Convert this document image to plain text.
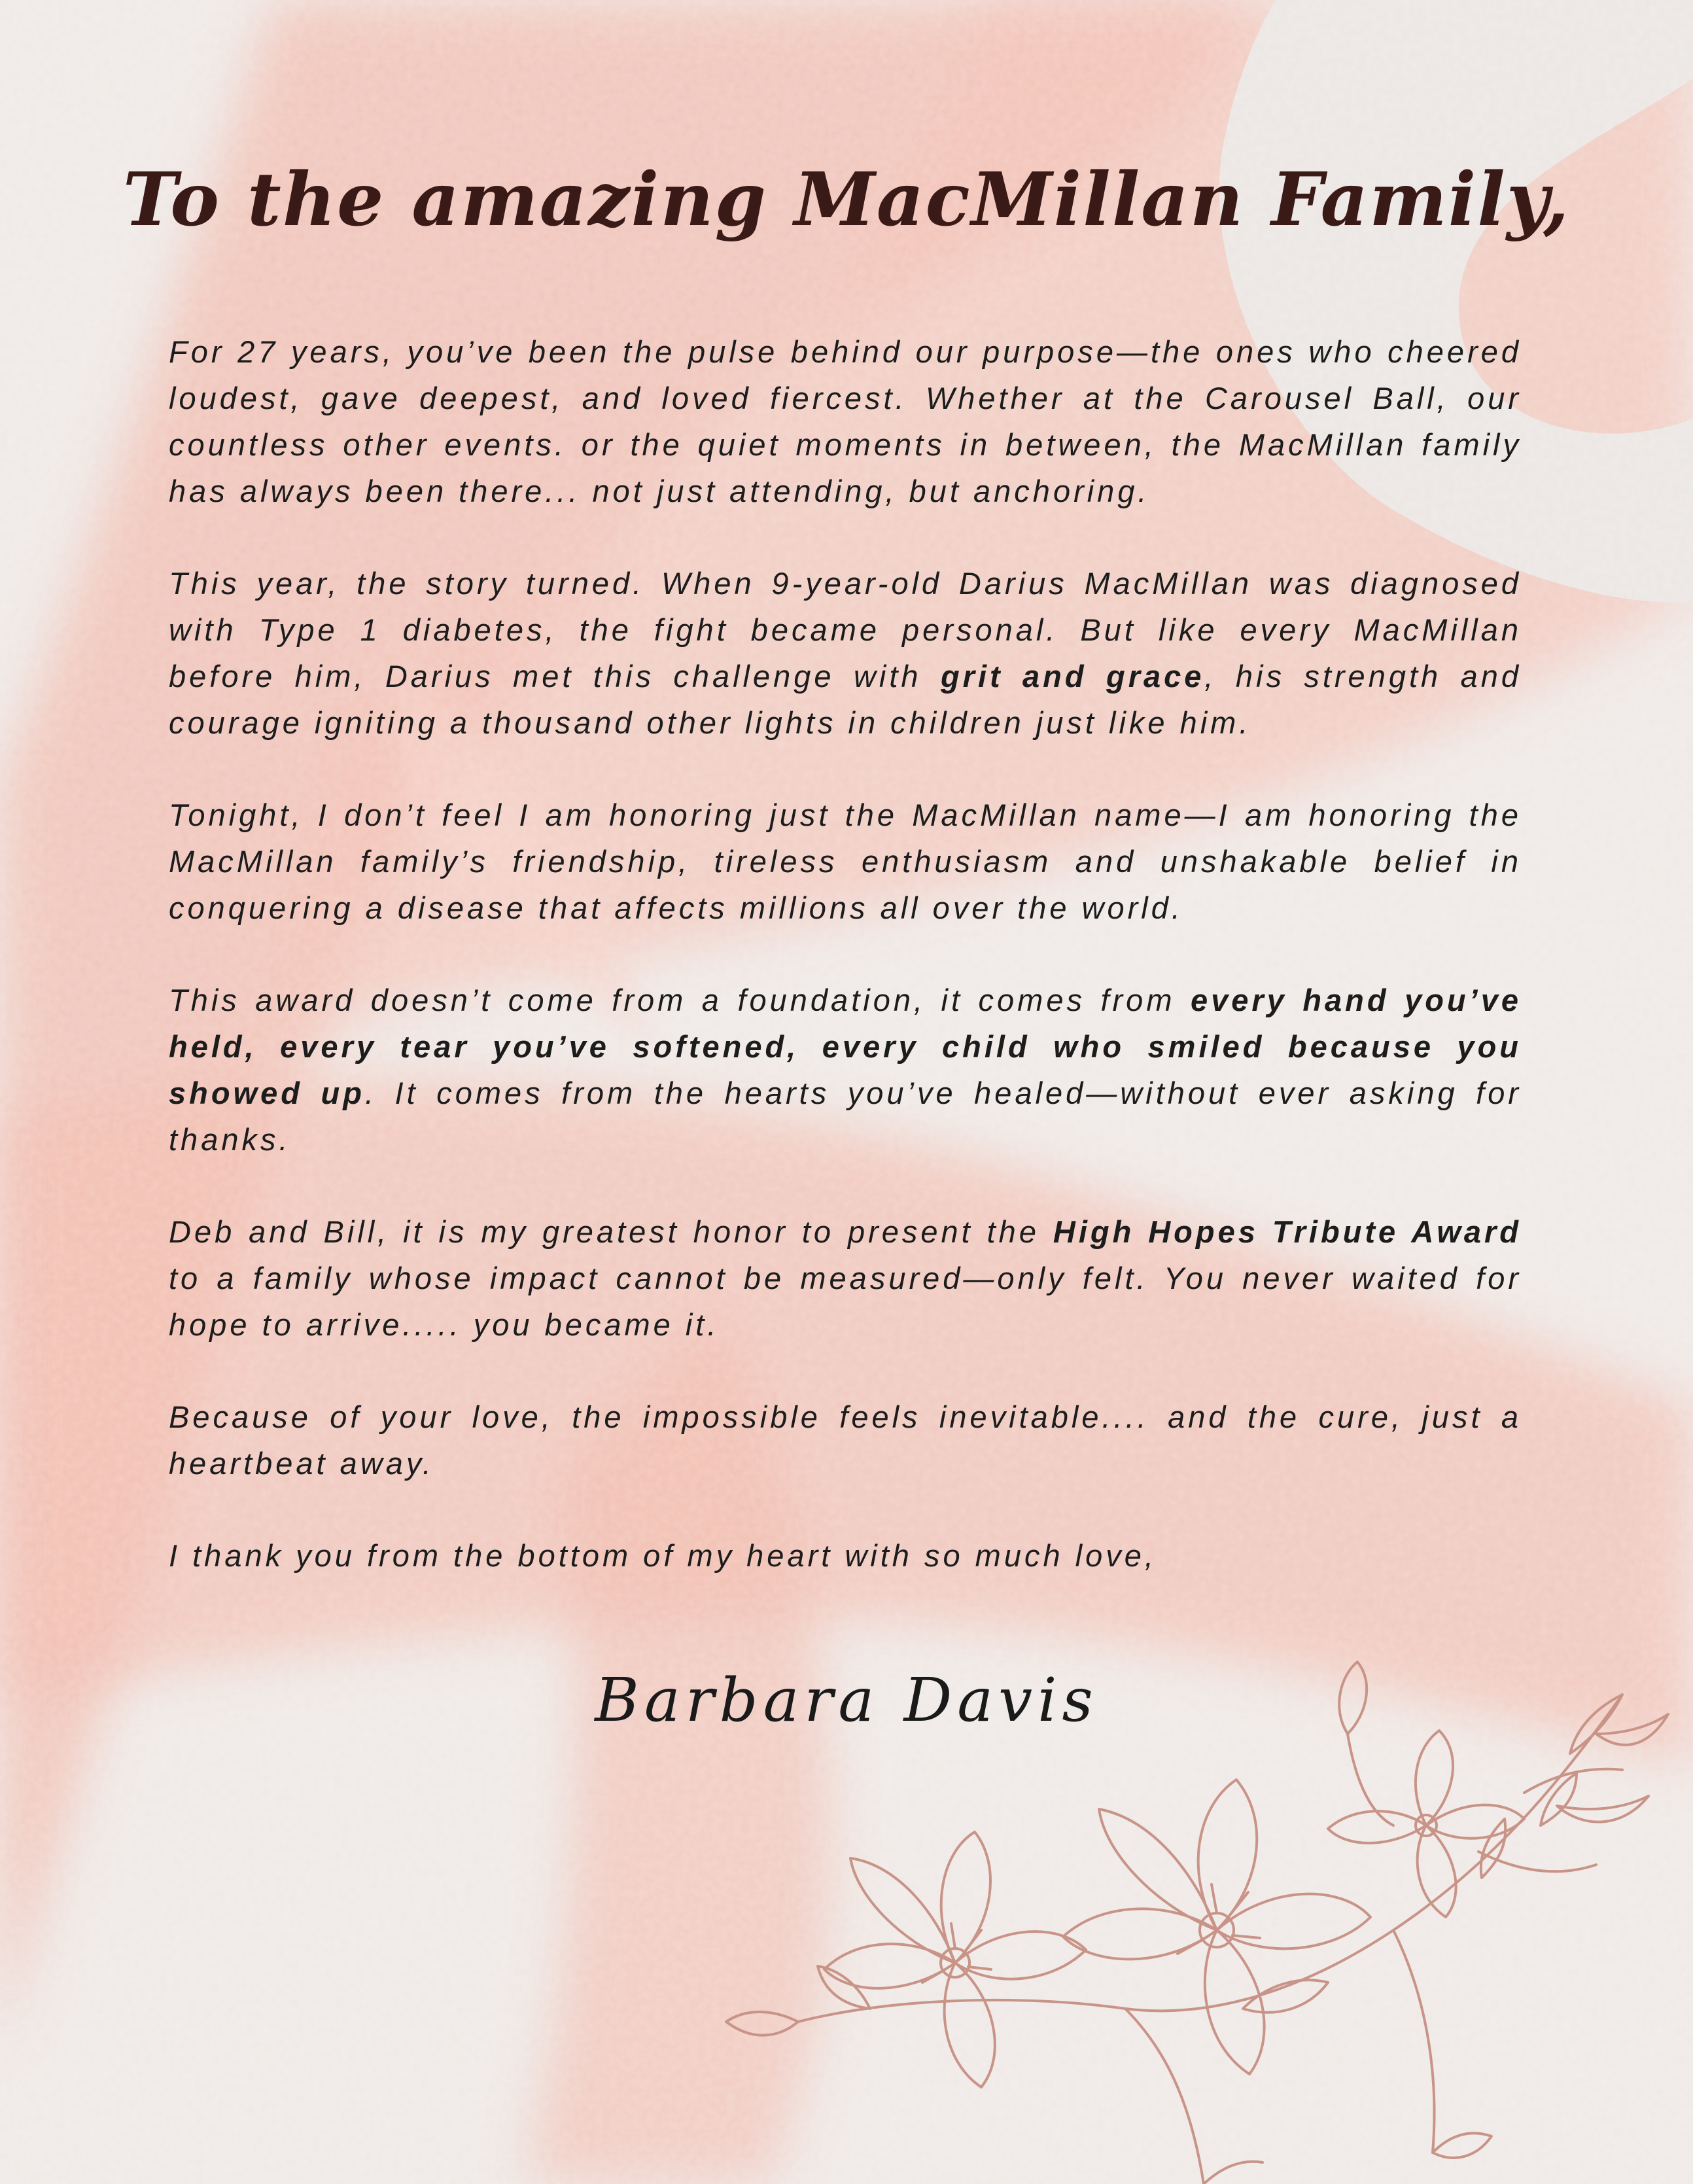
To the amazing MacMillan Family,

For 27 years, you’ve been the pulse behind our purpose—the ones who cheered loudest, gave deepest, and loved fiercest. Whether at the Carousel Ball, our countless other events. or the quiet moments in between, the MacMillan family has always been there... not just attending, but anchoring.

This year, the story turned. When 9-year-old Darius MacMillan was diagnosed with Type 1 diabetes, the fight became personal. But like every MacMillan before him, Darius met this challenge with grit and grace, his strength and courage igniting a thousand other lights in children just like him.

Tonight, I don’t feel I am honoring just the MacMillan name—I am honoring the MacMillan family’s friendship, tireless enthusiasm and unshakable belief in conquering a disease that affects millions all over the world.

This award doesn’t come from a foundation, it comes from every hand you’ve held, every tear you’ve softened, every child who smiled because you showed up. It comes from the hearts you’ve healed—without ever asking for thanks.

Deb and Bill, it is my greatest honor to present the High Hopes Tribute Award to a family whose impact cannot be measured—only felt. You never waited for hope to arrive..... you became it.

Because of your love, the impossible feels inevitable.... and the cure, just a heartbeat away.

I thank you from the bottom of my heart with so much love,

Barbara Davis
